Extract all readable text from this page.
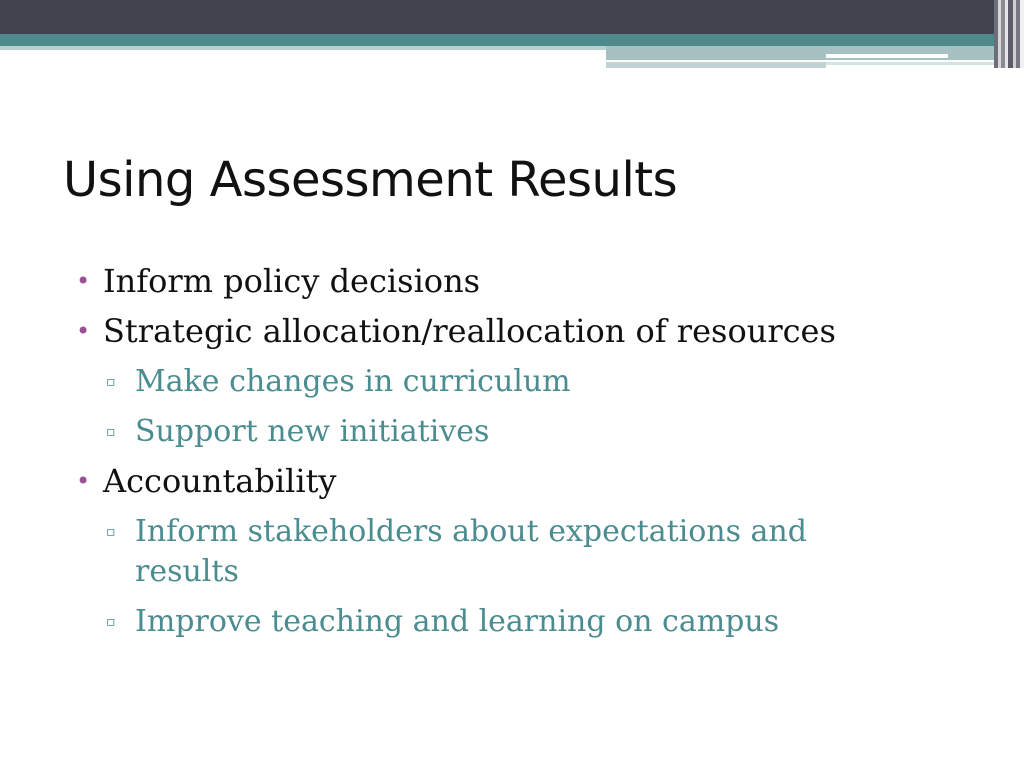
Using Assessment Results
• Inform policy decisions
• Strategic allocation/reallocation of resources
▫ Make changes in curriculum
▫ Support new initiatives
• Accountability
▫ Inform stakeholders about expectations and results
▫ Improve teaching and learning on campus
